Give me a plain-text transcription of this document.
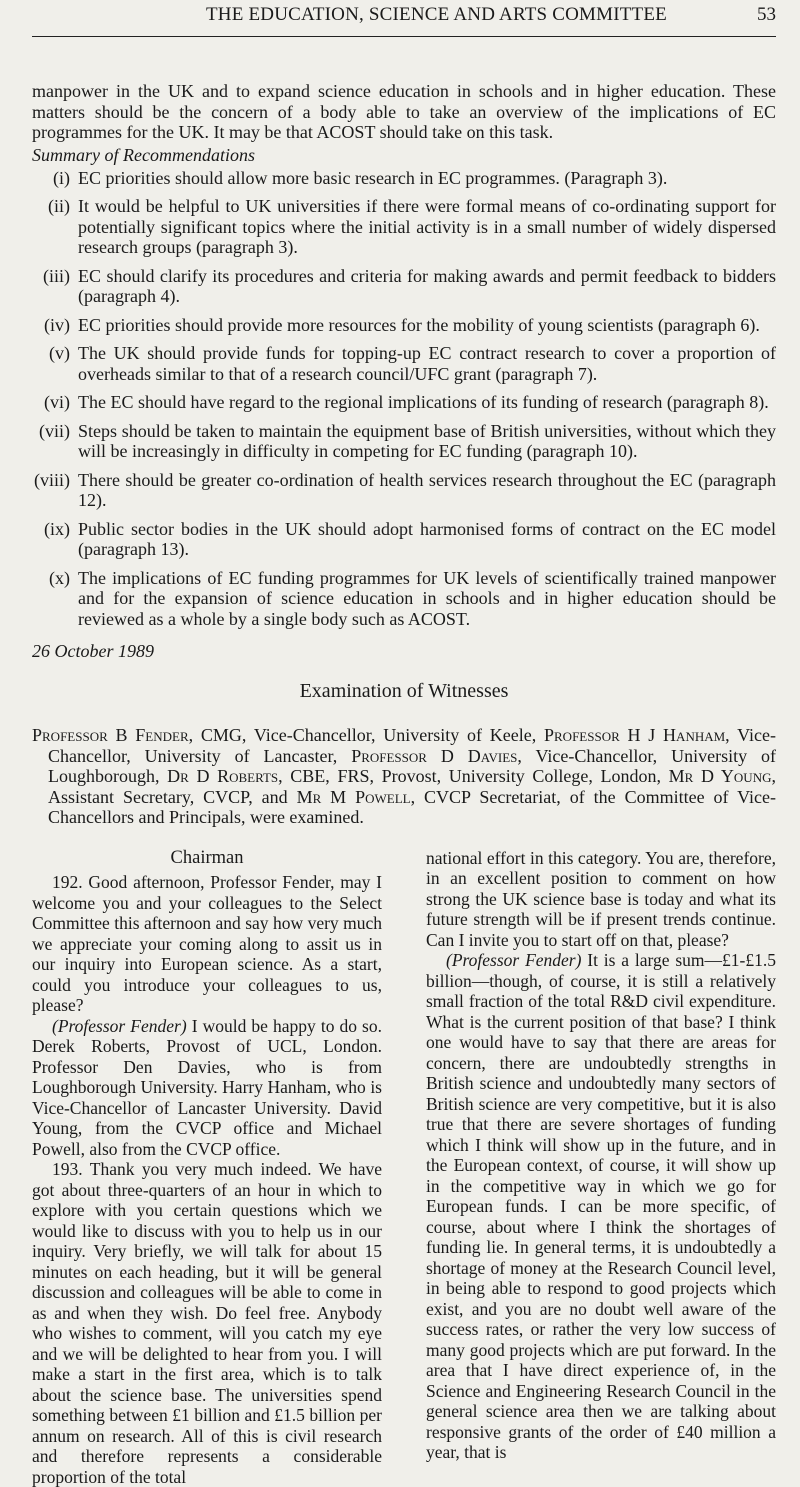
THE EDUCATION, SCIENCE AND ARTS COMMITTEE	53

manpower in the UK and to expand science education in schools and in higher education. These matters should be the concern of a body able to take an overview of the implications of EC programmes for the UK. It may be that ACOST should take on this task.

Summary of Recommendations
(i) EC priorities should allow more basic research in EC programmes. (Paragraph 3).
(ii) It would be helpful to UK universities if there were formal means of co-ordinating support for potentially significant topics where the initial activity is in a small number of widely dispersed research groups (paragraph 3).
(iii) EC should clarify its procedures and criteria for making awards and permit feedback to bidders (paragraph 4).
(iv) EC priorities should provide more resources for the mobility of young scientists (paragraph 6).
(v) The UK should provide funds for topping-up EC contract research to cover a proportion of overheads similar to that of a research council/UFC grant (paragraph 7).
(vi) The EC should have regard to the regional implications of its funding of research (paragraph 8).
(vii) Steps should be taken to maintain the equipment base of British universities, without which they will be increasingly in difficulty in competing for EC funding (paragraph 10).
(viii) There should be greater co-ordination of health services research throughout the EC (paragraph 12).
(ix) Public sector bodies in the UK should adopt harmonised forms of contract on the EC model (paragraph 13).
(x) The implications of EC funding programmes for UK levels of scientifically trained manpower and for the expansion of science education in schools and in higher education should be reviewed as a whole by a single body such as ACOST.
26 October 1989
Examination of Witnesses

Professor B Fender, CMG, Vice-Chancellor, University of Keele, Professor H J Hanham, Vice-Chancellor, University of Lancaster, Professor D Davies, Vice-Chancellor, University of Loughborough, Dr D Roberts, CBE, FRS, Provost, University College, London, Mr D Young, Assistant Secretary, CVCP, and Mr M Powell, CVCP Secretariat, of the Committee of Vice-Chancellors and Principals, were examined.

Chairman

192. Good afternoon, Professor Fender, may I welcome you and your colleagues to the Select Committee this afternoon and say how very much we appreciate your coming along to assit us in our inquiry into European science. As a start, could you introduce your colleagues to us, please?

(Professor Fender) I would be happy to do so. Derek Roberts, Provost of UCL, London. Professor Den Davies, who is from Loughborough University. Harry Hanham, who is Vice-Chancellor of Lancaster University. David Young, from the CVCP office and Michael Powell, also from the CVCP office.

193. Thank you very much indeed. We have got about three-quarters of an hour in which to explore with you certain questions which we would like to discuss with you to help us in our inquiry. Very briefly, we will talk for about 15 minutes on each heading, but it will be general discussion and colleagues will be able to come in as and when they wish. Do feel free. Anybody who wishes to comment, will you catch my eye and we will be delighted to hear from you. I will make a start in the first area, which is to talk about the science base. The universities spend something between £1 billion and £1.5 billion per annum on research. All of this is civil research and therefore represents a considerable proportion of the total

national effort in this category. You are, therefore, in an excellent position to comment on how strong the UK science base is today and what its future strength will be if present trends continue. Can I invite you to start off on that, please?

(Professor Fender) It is a large sum—£1-£1.5 billion—though, of course, it is still a relatively small fraction of the total R&D civil expenditure. What is the current position of that base? I think one would have to say that there are areas for concern, there are undoubtedly strengths in British science and undoubtedly many sectors of British science are very competitive, but it is also true that there are severe shortages of funding which I think will show up in the future, and in the European context, of course, it will show up in the competitive way in which we go for European funds. I can be more specific, of course, about where I think the shortages of funding lie. In general terms, it is undoubtedly a shortage of money at the Research Council level, in being able to respond to good projects which exist, and you are no doubt well aware of the success rates, or rather the very low success of many good projects which are put forward. In the area that I have direct experience of, in the Science and Engineering Research Council in the general science area then we are talking about responsive grants of the order of £40 million a year, that is
